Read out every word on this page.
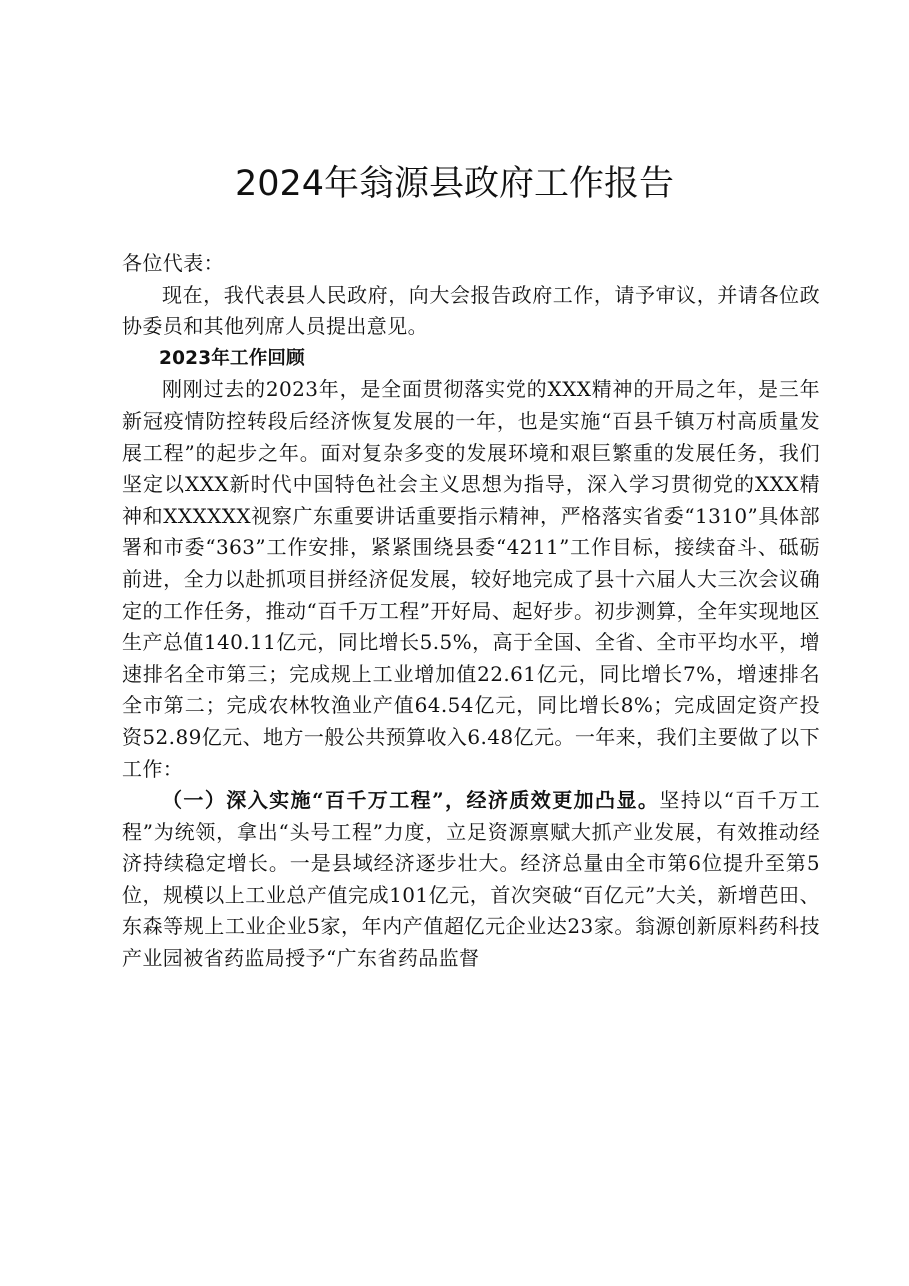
2024年翁源县政府工作报告

各位代表：

现在，我代表县人民政府，向大会报告政府工作，请予审议，并请各位政协委员和其他列席人员提出意见。

2023年工作回顾

刚刚过去的2023年，是全面贯彻落实党的XXX精神的开局之年，是三年新冠疫情防控转段后经济恢复发展的一年，也是实施“百县千镇万村高质量发展工程”的起步之年。面对复杂多变的发展环境和艰巨繁重的发展任务，我们坚定以XXX新时代中国特色社会主义思想为指导，深入学习贯彻党的XXX精神和XXXXXX视察广东重要讲话重要指示精神，严格落实省委“1310”具体部署和市委“363”工作安排，紧紧围绕县委“4211”工作目标，接续奋斗、砥砺前进，全力以赴抓项目拼经济促发展，较好地完成了县十六届人大三次会议确定的工作任务，推动“百千万工程”开好局、起好步。初步测算，全年实现地区生产总值140.11亿元，同比增长5.5%，高于全国、全省、全市平均水平，增速排名全市第三；完成规上工业增加值22.61亿元，同比增长7%，增速排名全市第二；完成农林牧渔业产值64.54亿元，同比增长8%；完成固定资产投资52.89亿元、地方一般公共预算收入6.48亿元。一年来，我们主要做了以下工作：

（一）深入实施“百千万工程”，经济质效更加凸显。坚持以“百千万工程”为统领，拿出“头号工程”力度，立足资源禀赋大抓产业发展，有效推动经济持续稳定增长。一是县域经济逐步壮大。经济总量由全市第6位提升至第5位，规模以上工业总产值完成101亿元，首次突破“百亿元”大关，新增芭田、东森等规上工业企业5家，年内产值超亿元企业达23家。翁源创新原料药科技产业园被省药监局授予“广东省药品监督
